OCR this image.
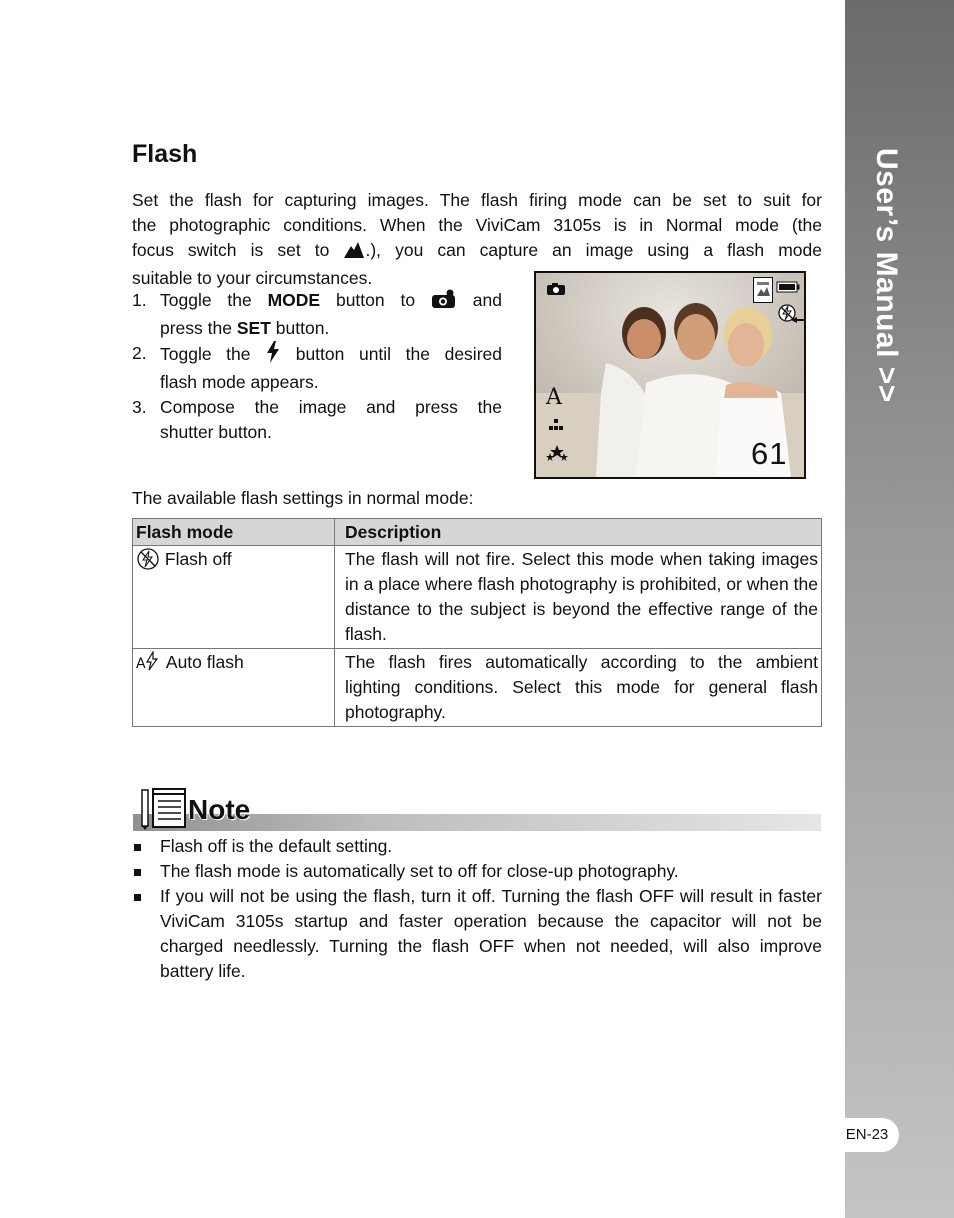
User’s Manual >>
EN-23
Flash

Set the flash for capturing images. The flash firing mode can be set to suit for
the photographic conditions. When the ViviCam 3105s is in Normal mode (the
focus switch is set to .), you can capture an image using a flash mode
suitable to your circumstances.

1. Toggle the MODE button to	and
press the SET button.
2. Toggle the	button until the desired
flash mode appears.
3. Compose the image and press the
shutter button.
A
61
The available flash settings in normal mode:
Flash mode	Description
Flash off	The flash will not fire. Select this mode when taking images in a place where flash photography is prohibited, or when the distance to the subject is beyond the effective range of the flash.

A Auto flash	The flash fires automatically according to the ambient lighting conditions. Select this mode for general flash photography.
Note
Flash off is the default setting.
The flash mode is automatically set to off for close-up photography.
If you will not be using the flash, turn it off. Turning the flash OFF will result in faster ViviCam 3105s startup and faster operation because the capacitor will not be charged needlessly. Turning the flash OFF when not needed, will also improve battery life.
